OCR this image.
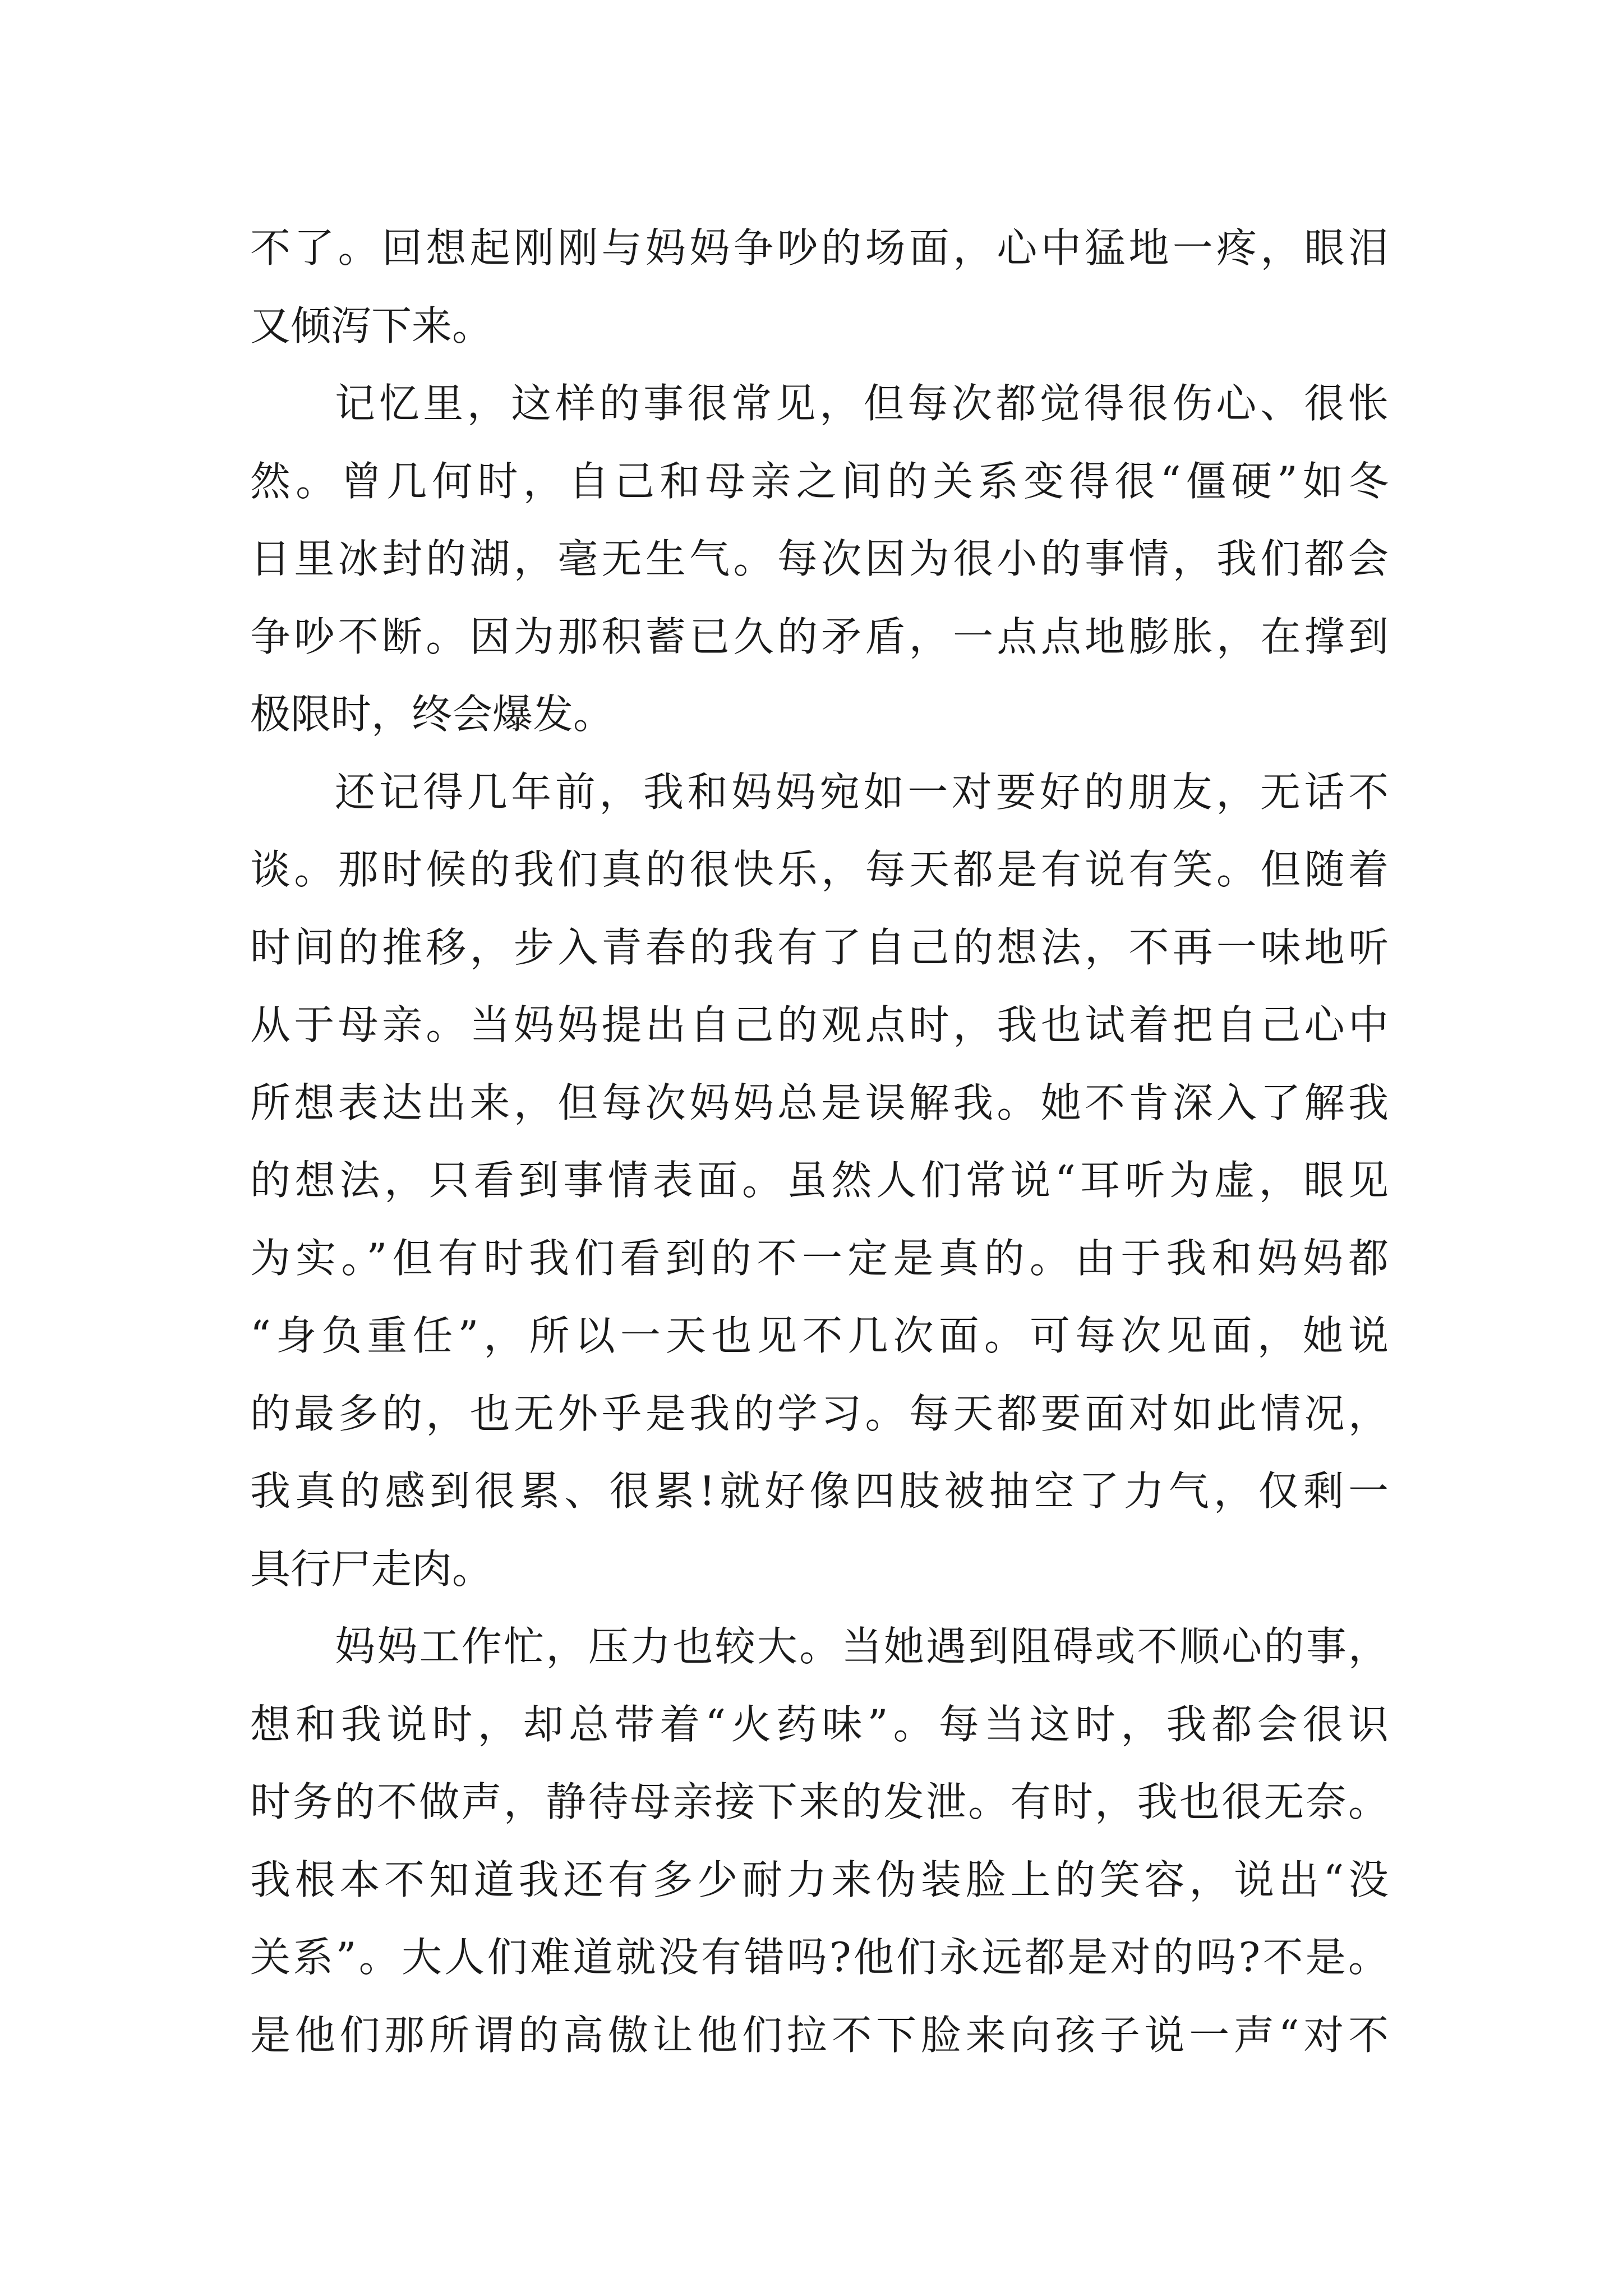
不了。回想起刚刚与妈妈争吵的场面，心中猛地一疼，眼泪
又倾泻下来。
记忆里，这样的事很常见，但每次都觉得很伤心、很怅
然。曾几何时，自己和母亲之间的关系变得很“僵硬”如冬
日里冰封的湖，毫无生气。每次因为很小的事情，我们都会
争吵不断。因为那积蓄已久的矛盾，一点点地膨胀，在撑到
极限时，终会爆发。
还记得几年前，我和妈妈宛如一对要好的朋友，无话不
谈。那时候的我们真的很快乐，每天都是有说有笑。但随着
时间的推移，步入青春的我有了自己的想法，不再一味地听
从于母亲。当妈妈提出自己的观点时，我也试着把自己心中
所想表达出来，但每次妈妈总是误解我。她不肯深入了解我
的想法，只看到事情表面。虽然人们常说“耳听为虚，眼见
为实。”但有时我们看到的不一定是真的。由于我和妈妈都
“身负重任”，所以一天也见不几次面。可每次见面，她说
的最多的，也无外乎是我的学习。每天都要面对如此情况，
我真的感到很累、很累!就好像四肢被抽空了力气，仅剩一
具行尸走肉。
妈妈工作忙，压力也较大。当她遇到阻碍或不顺心的事，
想和我说时，却总带着“火药味”。每当这时，我都会很识
时务的不做声，静待母亲接下来的发泄。有时，我也很无奈。
我根本不知道我还有多少耐力来伪装脸上的笑容，说出“没
关系”。大人们难道就没有错吗?他们永远都是对的吗?不是。
是他们那所谓的高傲让他们拉不下脸来向孩子说一声“对不
